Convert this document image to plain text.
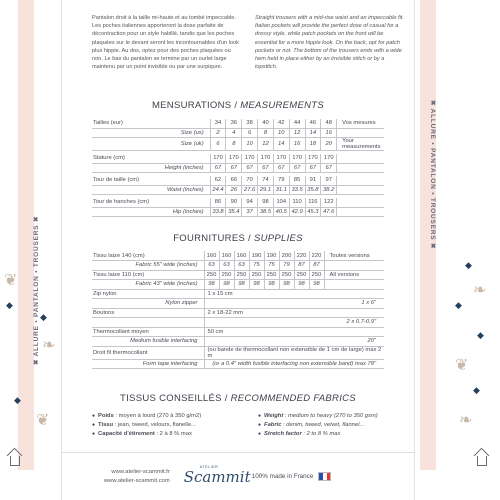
✖ ALLURE • PANTALON • TROUSERS ✖
❦
◆
◆
❧
◆
❦
✖ ALLURE • PANTALON • TROUSERS ✖
◆
❧
◆
◆
❦
◆
❧

Pantalon droit à la taille mi-haute et au tombé impeccable. Les poches italiennes apporteront la dose parfaite de décontraction pour un style habillé, tandis que les poches plaquées sur le devant seront les incontournables d'un look plus hippie. Au dos, optez pour des poches plaquées ou non. Le bas du pantalon se termine par un ourlet large maintenu par un point invisible ou par une surpiqure.

Straight trousers with a mid-rise waist and an impeccable fit. Italian pockets will provide the perfect dose of casual for a dressy style, while patch pockets on the front will be essential for a more hippie look. On the back, opt for patch pockets or not. The bottom of the trousers ends with a wide hem held in place either by an invisible stitch or by a topstitch.

MENSURATIONS / MEASUREMENTS
Tailles (eur)	34	36	38	40	42	44	46	48	Vos mesures
Size (us)	2	4	6	8	10	12	14	16	
Size (uk)	6	8	10	12	14	16	18	20	Your measurements

Stature (cm)	170	170	170	170	170	170	170	170	
Height (inches)	67	67	67	67	67	67	67	67	

Tour de taille (cm)	62	66	70	74	79	85	91	97	
Waist (inches)	24.4	26	27.6	29.1	31.1	33.5	35.8	38.2	

Tour de hanches (cm)	86	90	94	98	104	110	116	122	
Hip (inches)	33.8	35.4	37	38.5	40.5	42.9	45.3	47.6	
FOURNITURES / SUPPLIES
Tissu laize 140 (cm)	160	160	160	190	190	200	220	220	Toutes versions
Fabric 55" wide (inches)	63	63	63	75	75	79	87	87	
Tissu laize 110 (cm)	250	250	250	250	250	250	250	250	All versions
Fabric 43" wide (inches)	98	98	98	98	98	98	98	98	
Zip nylon	1 x 15 cm								
Nylon zipper	1 x 6"								
Boutons	2 x 18-22 mm								
	2 x 0.7-0.9"								
Thermocollant moyen	50 cm								
Medium fusible interfacing	20"								
Droit fil thermocollant	(ou bande de thermocollant non extensible de 1 cm de large) max 2 m								
Form tape interfacing	(or a 0.4" width fusible interfacing non extensible band) max 78"								
TISSUS CONSEILLÉS / RECOMMENDED FABRICS
● Poids : moyen à lourd (270 à 350 g/m2)
● Tissu : jean, tweed, velours, flanelle...
● Capacité d'étirement : 2 à 8 % max
● Weight : medium to heavy (270 to 350 gsm)
● Fabric : denim, tweed, velvet, flannel...
● Stretch factor : 2 to 8 % max
www.atelier-scammit.fr
www.atelier-scammit.com
ATELIER
Scammit 100% made in France
